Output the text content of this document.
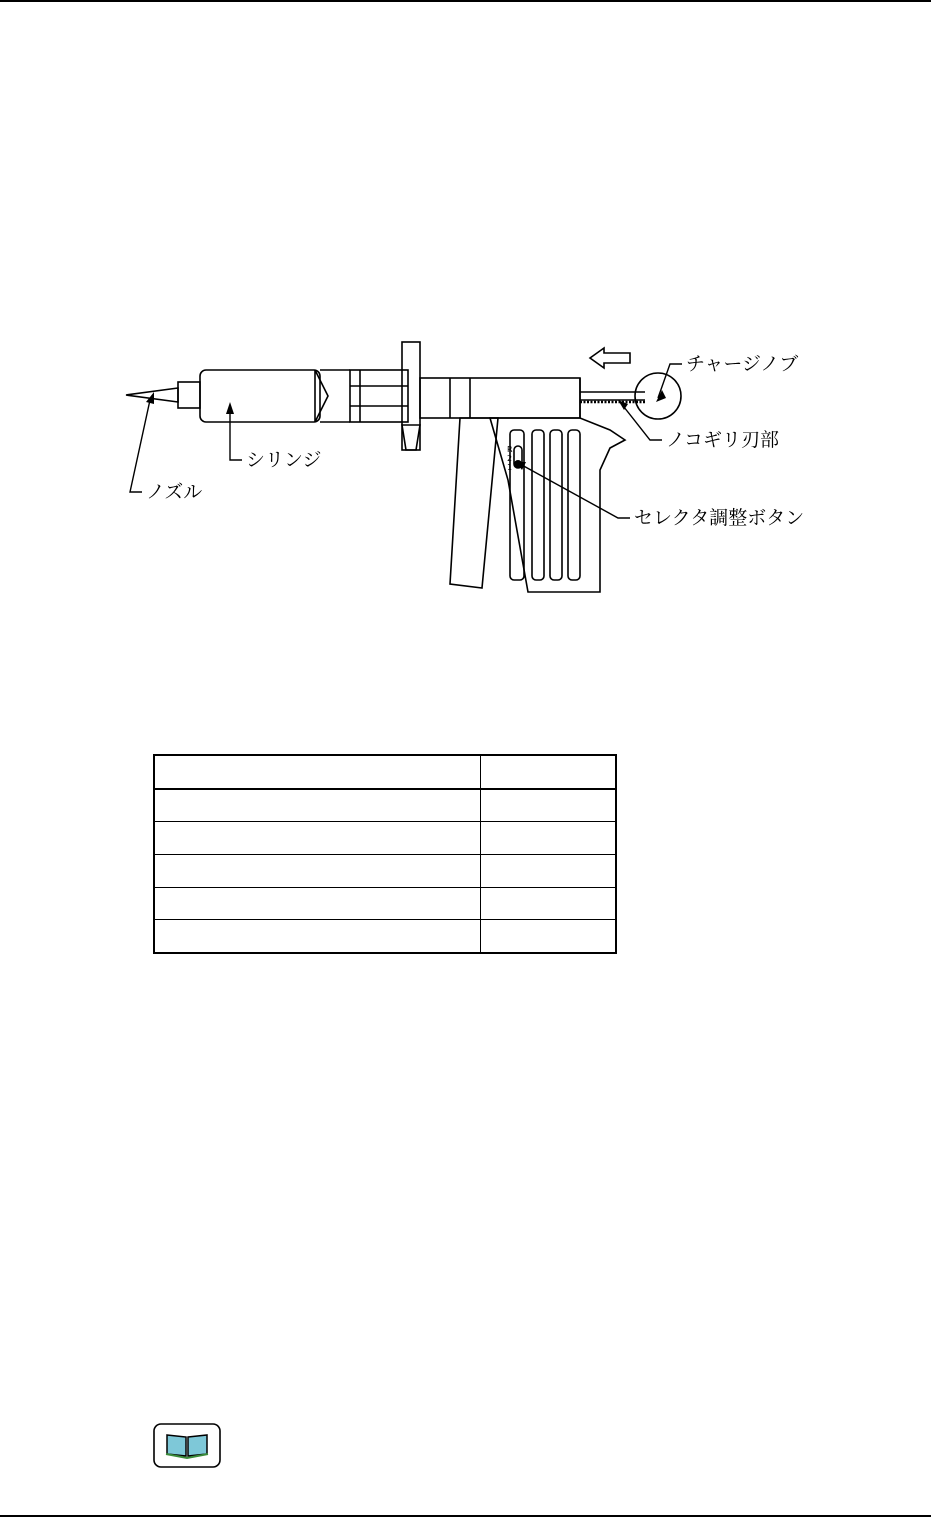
R
2
1
チャージノブ
ノコギリ刃部
シリンジ
ノズル
セレクタ調整ボタン
